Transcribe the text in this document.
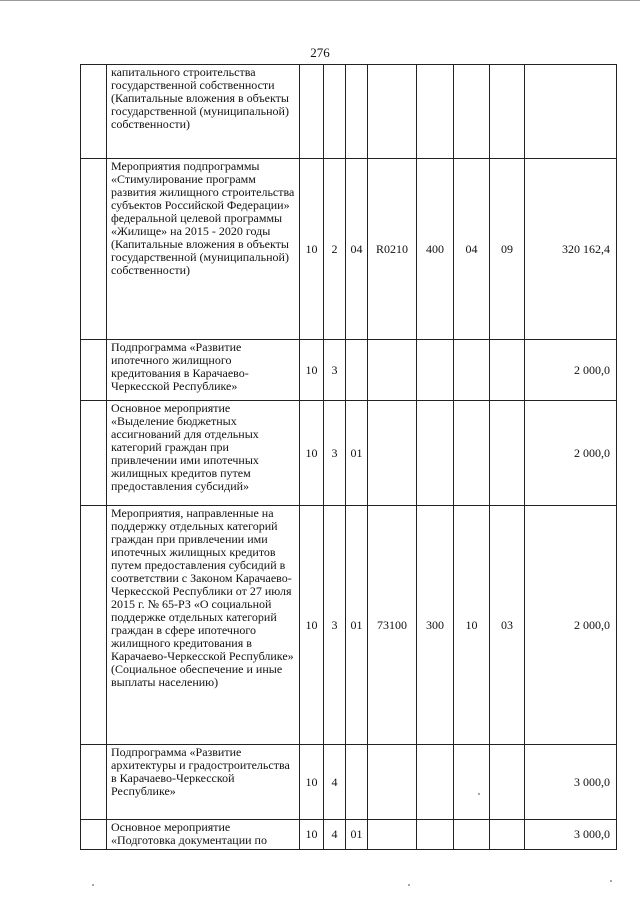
276
	капитального строительства государственной собственности (Капитальные вложения в объекты государственной (муниципальной) собственности)								
	Мероприятия подпрограммы «Стимулирование программ развития жилищного строительства субъектов Российской Федерации» федеральной целевой программы «Жилище» на 2015 - 2020 годы (Капитальные вложения в объекты государственной (муниципальной) собственности)	10	2	04	R0210	400	04	09	320 162,4
	Подпрограмма «Развитие ипотечного жилищного кредитования в Карачаево-Черкесской Республике»	10	3						2 000,0
	Основное мероприятие «Выделение бюджетных ассигнований для отдельных категорий граждан при привлечении ими ипотечных жилищных кредитов путем предоставления субсидий»	10	3	01					2 000,0
	Мероприятия, направленные на поддержку отдельных категорий граждан при привлечении ими ипотечных жилищных кредитов путем предоставления субсидий в соответствии с Законом Карачаево-Черкесской Республики от 27 июля 2015 г. № 65-РЗ «О социальной поддержке отдельных категорий граждан в сфере ипотечного жилищного кредитования в Карачаево-Черкесской Республике» (Социальное обеспечение и иные выплаты населению)	10	3	01	73100	300	10	03	2 000,0
	Подпрограмма «Развитие архитектуры и градостроительства в Карачаево-Черкесской Республике»	10	4						3 000,0
	Основное мероприятие «Подготовка документации по	10	4	01					3 000,0
